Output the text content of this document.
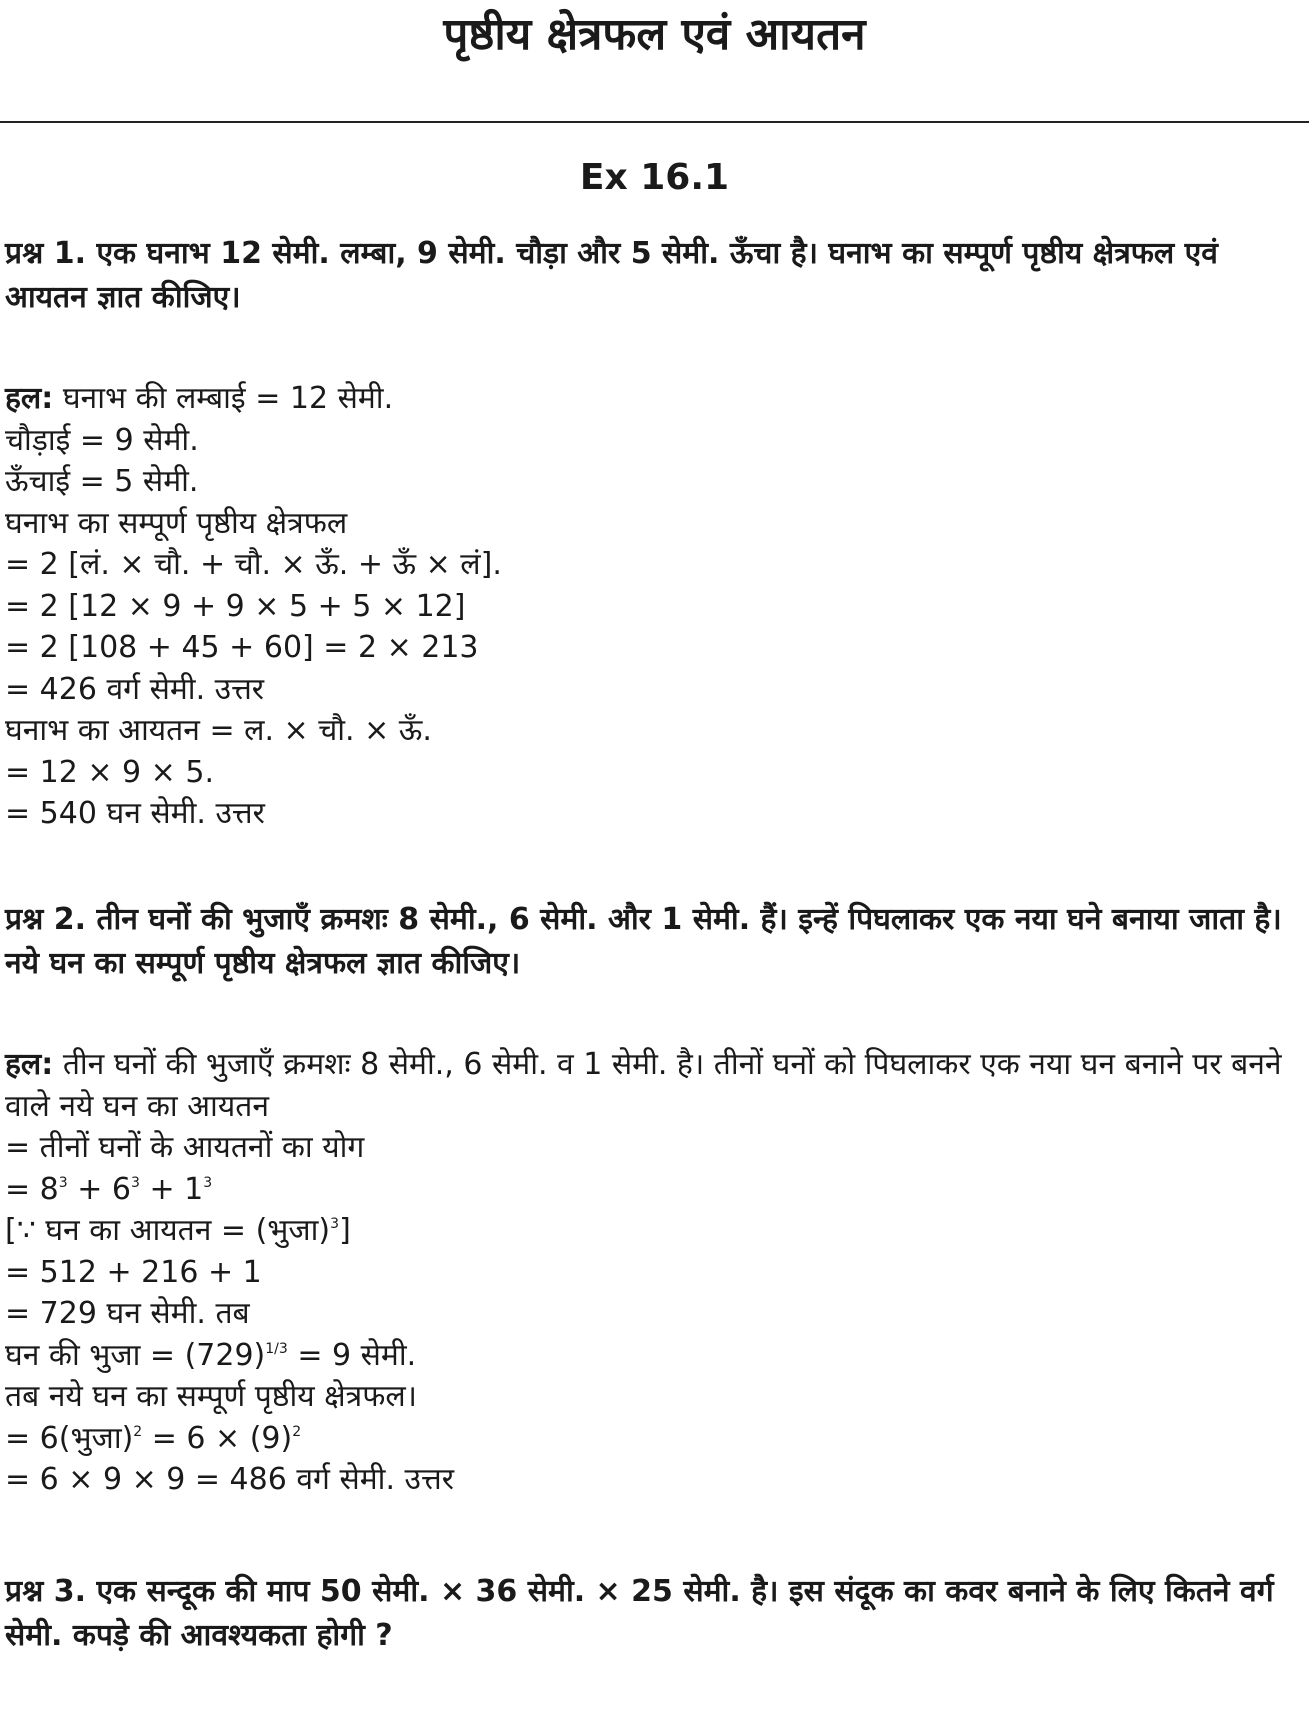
पृष्ठीय क्षेत्रफल एवं आयतन
Ex 16.1

प्रश्न 1. एक घनाभ 12 सेमी. लम्बा, 9 सेमी. चौड़ा और 5 सेमी. ऊँचा है। घनाभ का सम्पूर्ण पृष्ठीय क्षेत्रफल एवं आयतन ज्ञात कीजिए।

हल: घनाभ की लम्बाई = 12 सेमी.
चौड़ाई = 9 सेमी.
ऊँचाई = 5 सेमी.
घनाभ का सम्पूर्ण पृष्ठीय क्षेत्रफल
= 2 [लं. × चौ. + चौ. × ऊँ. + ऊँ × लं].
= 2 [12 × 9 + 9 × 5 + 5 × 12]
= 2 [108 + 45 + 60] = 2 × 213
= 426 वर्ग सेमी. उत्तर
घनाभ का आयतन = ल. × चौ. × ऊँ.
= 12 × 9 × 5.
= 540 घन सेमी. उत्तर

प्रश्न 2. तीन घनों की भुजाएँ क्रमशः 8 सेमी., 6 सेमी. और 1 सेमी. हैं। इन्हें पिघलाकर एक नया घने बनाया जाता है। नये घन का सम्पूर्ण पृष्ठीय क्षेत्रफल ज्ञात कीजिए।

हल: तीन घनों की भुजाएँ क्रमशः 8 सेमी., 6 सेमी. व 1 सेमी. है। तीनों घनों को पिघलाकर एक नया घन बनाने पर बनने वाले नये घन का आयतन
= तीनों घनों के आयतनों का योग
= $8^3 + 6^3 + 1^3$
[∵ घन का आयतन = (भुजा)$^3$]
= 512 + 216 + 1
= 729 घन सेमी. तब
घन की भुजा = $(729)^{1/3} = 9$ सेमी.
तब नये घन का सम्पूर्ण पृष्ठीय क्षेत्रफल।
= 6(भुजा)$^2$ = $6 \times (9)^2$
= 6 × 9 × 9 = 486 वर्ग सेमी. उत्तर

प्रश्न 3. एक सन्दूक की माप 50 सेमी. × 36 सेमी. × 25 सेमी. है। इस संदूक का कवर बनाने के लिए कितने वर्ग सेमी. कपड़े की आवश्यकता होगी ?
